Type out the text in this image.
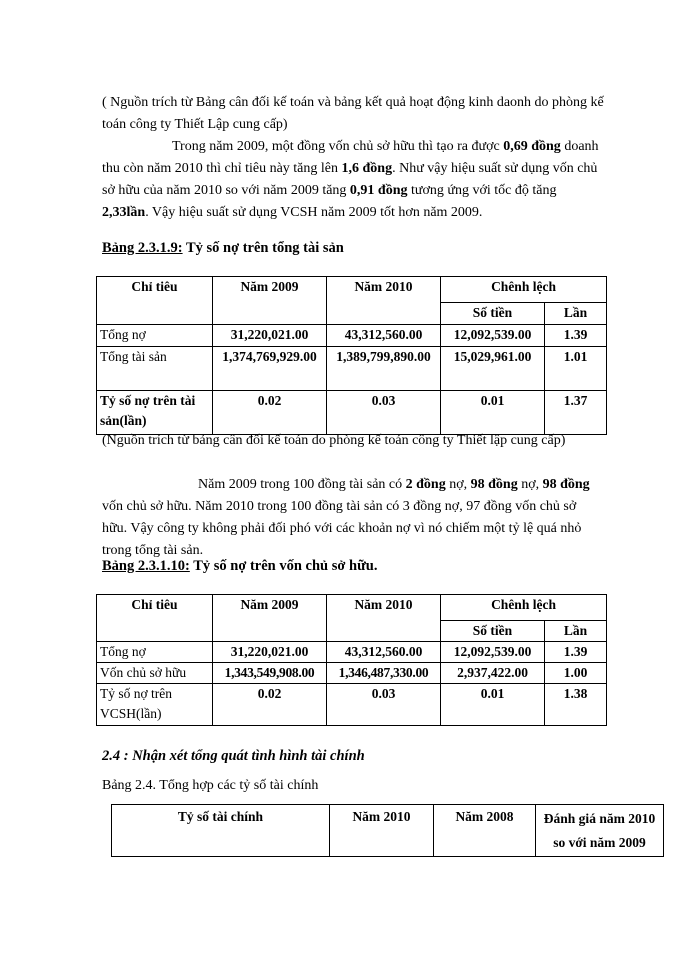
( Nguồn trích từ Bảng cân đối kế toán và bảng kết quả hoạt động kinh daonh do phòng kế toán công ty Thiết Lập cung cấp)

Trong năm 2009, một đồng vốn chủ sở hữu thì tạo ra được 0,69 đồng doanh thu còn năm 2010 thì chỉ tiêu này tăng lên 1,6 đồng. Như vậy hiệu suất sử dụng vốn chủ sở hữu của năm 2010 so với năm 2009 tăng 0,91 đồng tương ứng với tốc độ tăng 2,33lần. Vậy hiệu suất sử dụng VCSH năm 2009 tốt hơn năm 2009.

Bảng 2.3.1.9: Tỷ số nợ trên tổng tài sản
Chỉ tiêu	Năm 2009	Năm 2010	Chênh lệch	
			Số tiền	Lần
Tổng nợ	31,220,021.00	43,312,560.00	12,092,539.00	1.39
Tổng tài sản	1,374,769,929.00	1,389,799,890.00	15,029,961.00	1.01
Tỷ số nợ trên tài sản(lần)	0.02	0.03	0.01	1.37

(Nguồn trích từ bảng cân đối kế toán do phòng kế toán công ty Thiết lập cung cấp)

Năm 2009 trong 100 đồng tài sản có 2 đồng nợ, 98 đồng nợ, 98 đồng vốn chủ sở hữu. Năm 2010 trong 100 đồng tài sản có 3 đồng nợ, 97 đồng vốn chủ sở hữu. Vậy công ty không phải đối phó với các khoản nợ vì nó chiếm một tỷ lệ quá nhỏ trong tổng tài sản.

Bảng 2.3.1.10: Tỷ số nợ trên vốn chủ sở hữu.
Chỉ tiêu	Năm 2009	Năm 2010	Chênh lệch	
			Số tiền	Lần
Tổng nợ	31,220,021.00	43,312,560.00	12,092,539.00	1.39
Vốn chủ sở hữu	1,343,549,908.00	1,346,487,330.00	2,937,422.00	1.00
Tỷ số nợ trên VCSH(lần)	0.02	0.03	0.01	1.38
2.4 : Nhận xét tổng quát tình hình tài chính
Bảng 2.4. Tổng hợp các tỷ số tài chính
Tỷ số tài chính	Năm 2010	Năm 2008	Đánh giá năm 2010 so với năm 2009
